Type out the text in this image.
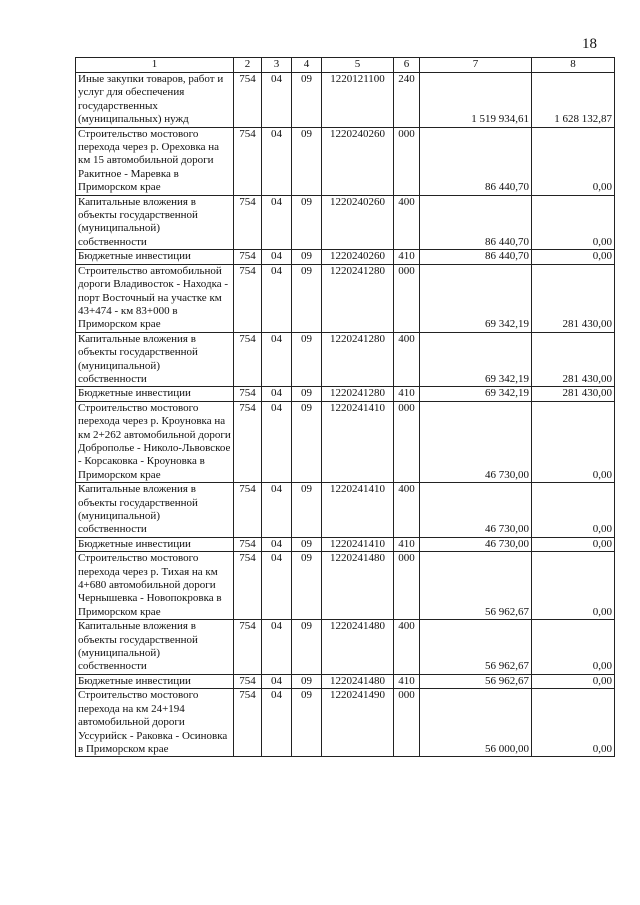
18
1	2	3	4	5	6	7	8
Иные закупки товаров, работ и услуг для обеспечения государственных (муниципальных) нужд	754	04	09	1220121100	240	1 519 934,61	1 628 132,87
Строительство мостового перехода через р. Ореховка на км 15 автомобильной дороги Ракитное - Маревка в Приморском крае	754	04	09	1220240260	000	86 440,70	0,00
Капитальные вложения в объекты государственной (муниципальной) собственности	754	04	09	1220240260	400	86 440,70	0,00
Бюджетные инвестиции	754	04	09	1220240260	410	86 440,70	0,00
Строительство автомобильной дороги Владивосток - Находка - порт Восточный на участке км 43+474 - км 83+000 в Приморском крае	754	04	09	1220241280	000	69 342,19	281 430,00
Капитальные вложения в объекты государственной (муниципальной) собственности	754	04	09	1220241280	400	69 342,19	281 430,00
Бюджетные инвестиции	754	04	09	1220241280	410	69 342,19	281 430,00
Строительство мостового перехода через р. Кроуновка на км 2+262 автомобильной дороги Доброполье - Николо-Львовское - Корсаковка - Кроуновка в Приморском крае	754	04	09	1220241410	000	46 730,00	0,00
Капитальные вложения в объекты государственной (муниципальной) собственности	754	04	09	1220241410	400	46 730,00	0,00
Бюджетные инвестиции	754	04	09	1220241410	410	46 730,00	0,00
Строительство мостового перехода через р. Тихая на км 4+680 автомобильной дороги Чернышевка - Новопокровка в Приморском крае	754	04	09	1220241480	000	56 962,67	0,00
Капитальные вложения в объекты государственной (муниципальной) собственности	754	04	09	1220241480	400	56 962,67	0,00
Бюджетные инвестиции	754	04	09	1220241480	410	56 962,67	0,00
Строительство мостового перехода на км 24+194 автомобильной дороги Уссурийск - Раковка - Осиновка в Приморском крае	754	04	09	1220241490	000	56 000,00	0,00
